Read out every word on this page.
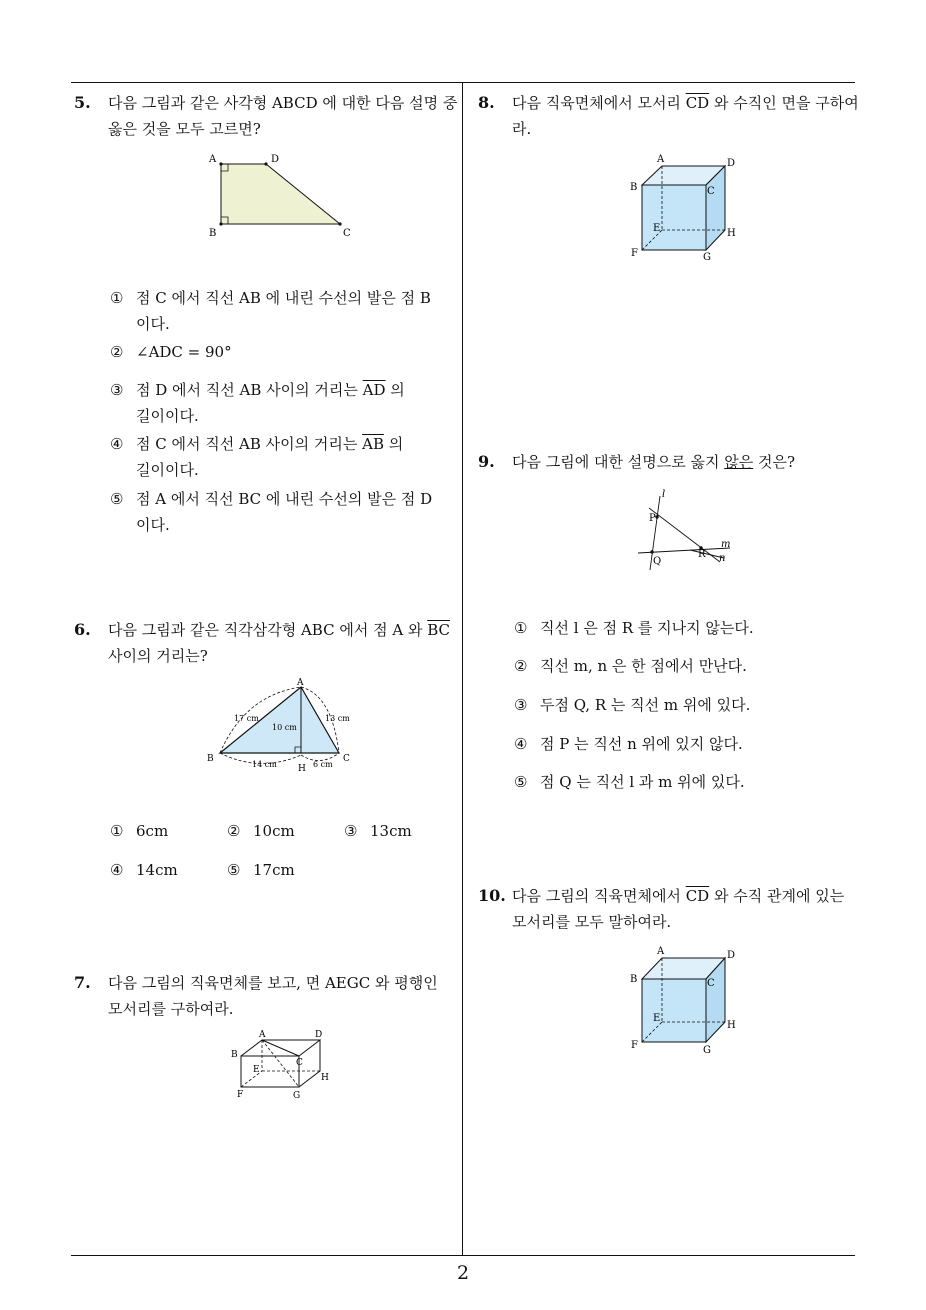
2
5. 다음 그림과 같은 사각형 ABCD 에 대한 다음 설명 중
옳은 것을 모두 고르면?
A	D
B	C
① 점 C 에서 직선 AB 에 내린 수선의 발은 점 B
이다.
② ∠ADC = 90°
③ 점 D 에서 직선 AB 사이의 거리는 $\overline{AD}$ 의
길이이다.
④ 점 C 에서 직선 AB 사이의 거리는 $\overline{AB}$ 의
길이이다.
⑤ 점 A 에서 직선 BC 에 내린 수선의 발은 점 D
이다.
6. 다음 그림과 같은 직각삼각형 ABC 에서 점 A 와 $\overline{BC}$
사이의 거리는?
A
B	C
H
17 cm
10 cm
13 cm
14 cm	6 cm
① 6cm	② 10cm	③ 13cm
④ 14cm	⑤ 17cm
7. 다음 그림의 직육면체를 보고, 면 AEGC 와 평행인
모서리를 구하여라.
A	D
B
C
E
H
F	G
8. 다음 직육면체에서 모서리 $\overline{CD}$ 와 수직인 면을 구하여
라.
A	D
B	C
E	H
F	G
9. 다음 그림에 대한 설명으로 옳지 않은 것은?
l
P
Q
R
m
n
① 직선 l 은 점 R 를 지나지 않는다.
② 직선 m, n 은 한 점에서 만난다.
③ 두점 Q, R 는 직선 m 위에 있다.
④ 점 P 는 직선 n 위에 있지 않다.
⑤ 점 Q 는 직선 l 과 m 위에 있다.
10. 다음 그림의 직육면체에서 $\overline{CD}$ 와 수직 관계에 있는
모서리를 모두 말하여라.
A	D
B	C
E
H
F	G
